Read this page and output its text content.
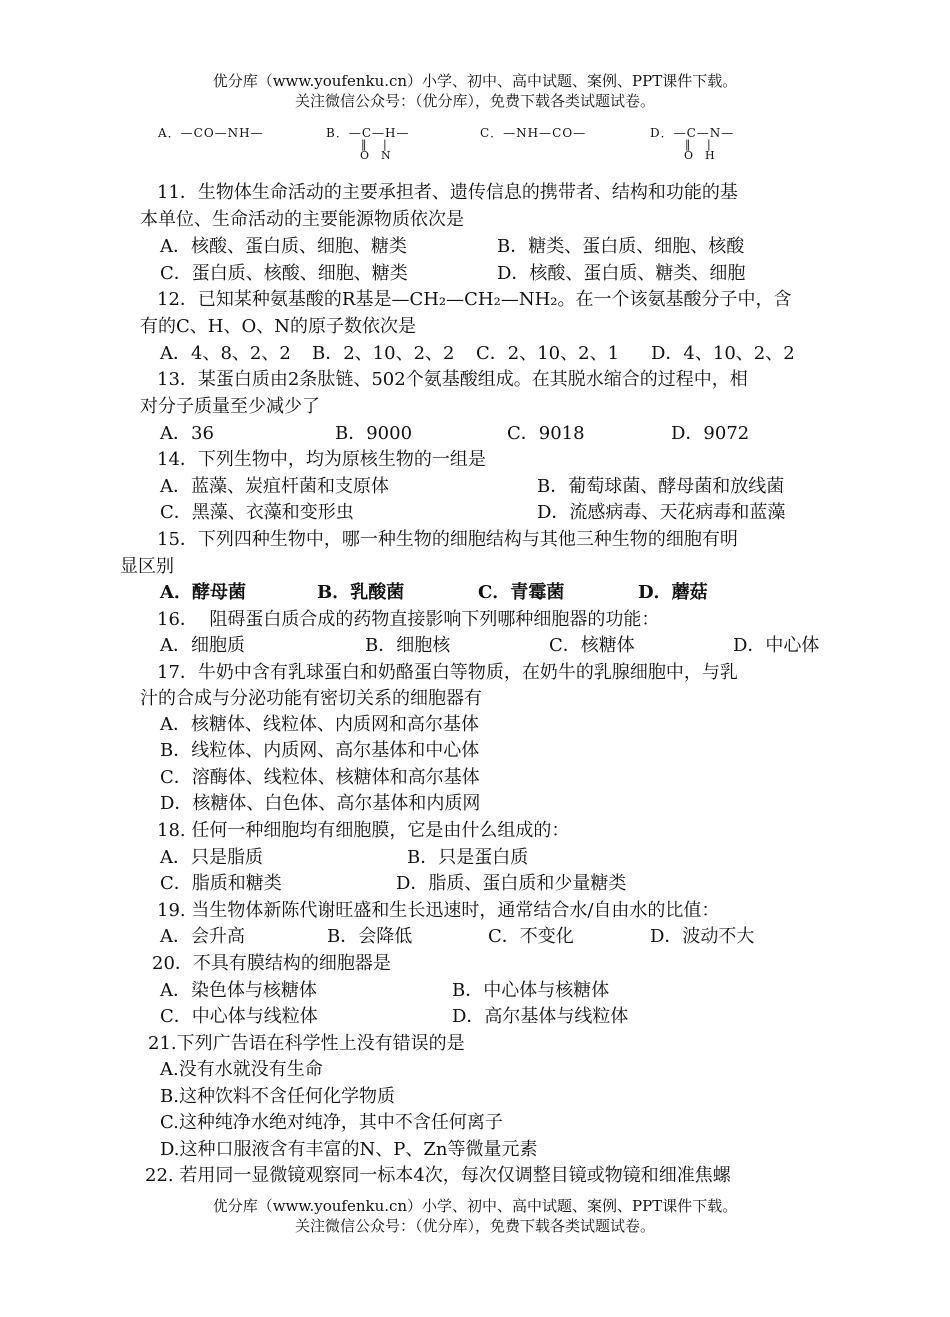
优分库（www.youfenku.cn）小学、初中、高中试题、案例、PPT课件下载。
关注微信公众号：（优分库），免费下载各类试题试卷。
A．—CO—NH—	B．—C—H—
‖ |
O N
C．—NH—CO—	D．—C—N—
‖ |
O H
11．生物体生命活动的主要承担者、遗传信息的携带者、结构和功能的基
本单位、生命活动的主要能源物质依次是
A．核酸、蛋白质、细胞、糖类	B．糖类、蛋白质、细胞、核酸
C．蛋白质、核酸、细胞、糖类	D．核酸、蛋白质、糖类、细胞
12．已知某种氨基酸的R基是—CH₂—CH₂—NH₂。在一个该氨基酸分子中，含
有的C、H、O、N的原子数依次是
A．4、8、2、2 B．2、10、2、2 C．2、10、2、1 D．4、10、2、2
13．某蛋白质由2条肽链、502个氨基酸组成。在其脱水缩合的过程中，相
对分子质量至少减少了
A．36	B．9000	C．9018	D．9072
14．下列生物中，均为原核生物的一组是
A．蓝藻、炭疽杆菌和支原体	B．葡萄球菌、酵母菌和放线菌
C．黑藻、衣藻和变形虫	D．流感病毒、天花病毒和蓝藻
15．下列四种生物中，哪一种生物的细胞结构与其他三种生物的细胞有明
显区别
A．酵母菌	B．乳酸菌	C．青霉菌	D．蘑菇
16．  阻碍蛋白质合成的药物直接影响下列哪种细胞器的功能：
A．细胞质	B．细胞核	C．核糖体	D．中心体
17．牛奶中含有乳球蛋白和奶酪蛋白等物质，在奶牛的乳腺细胞中，与乳
汁的合成与分泌功能有密切关系的细胞器有
A．核糖体、线粒体、内质网和高尔基体
B．线粒体、内质网、高尔基体和中心体
C．溶酶体、线粒体、核糖体和高尔基体
D．核糖体、白色体、高尔基体和内质网
18. 任何一种细胞均有细胞膜，它是由什么组成的：
A．只是脂质	B．只是蛋白质
C．脂质和糖类	D．脂质、蛋白质和少量糖类
19. 当生物体新陈代谢旺盛和生长迅速时，通常结合水/自由水的比值：
A．会升高	B．会降低	C．不变化	D．波动不大
20．不具有膜结构的细胞器是
A．染色体与核糖体	B．中心体与核糖体
C．中心体与线粒体	D．高尔基体与线粒体
21.下列广告语在科学性上没有错误的是
A.没有水就没有生命
B.这种饮料不含任何化学物质
C.这种纯净水绝对纯净，其中不含任何离子
D.这种口服液含有丰富的N、P、Zn等微量元素
22. 若用同一显微镜观察同一标本4次，每次仅调整目镜或物镜和细准焦螺
优分库（www.youfenku.cn）小学、初中、高中试题、案例、PPT课件下载。
关注微信公众号：（优分库），免费下载各类试题试卷。
